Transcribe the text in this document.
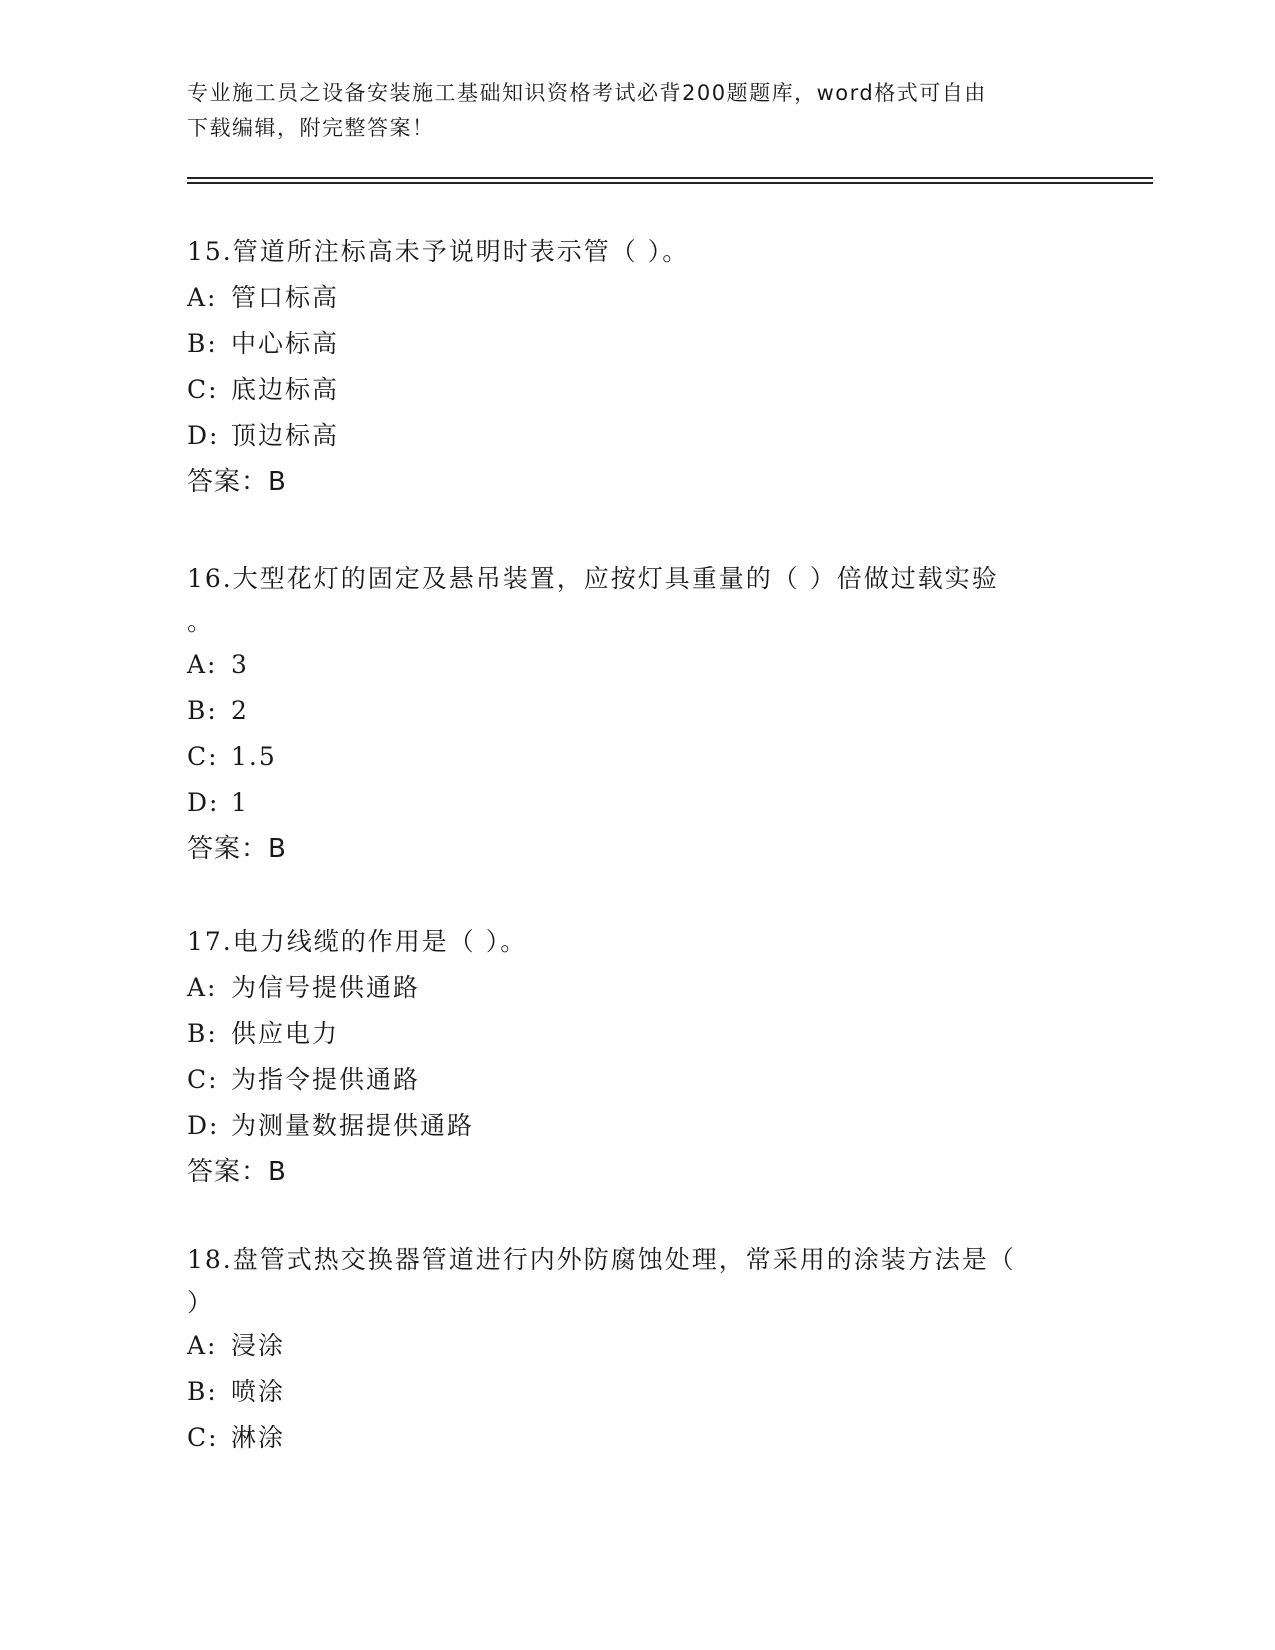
专业施工员之设备安装施工基础知识资格考试必背200题题库，word格式可自由
下载编辑，附完整答案！
15.管道所注标高未予说明时表示管（ ）。
A: 管口标高
B: 中心标高
C: 底边标高
D: 顶边标高
答案：B
16.大型花灯的固定及悬吊装置，应按灯具重量的（ ）倍做过载实验
。
A: 3
B: 2
C: 1.5
D: 1
答案：B
17.电力线缆的作用是（ ）。
A: 为信号提供通路
B: 供应电力
C: 为指令提供通路
D: 为测量数据提供通路
答案：B
18.盘管式热交换器管道进行内外防腐蚀处理，常采用的涂装方法是（
）
A: 浸涂
B: 喷涂
C: 淋涂
